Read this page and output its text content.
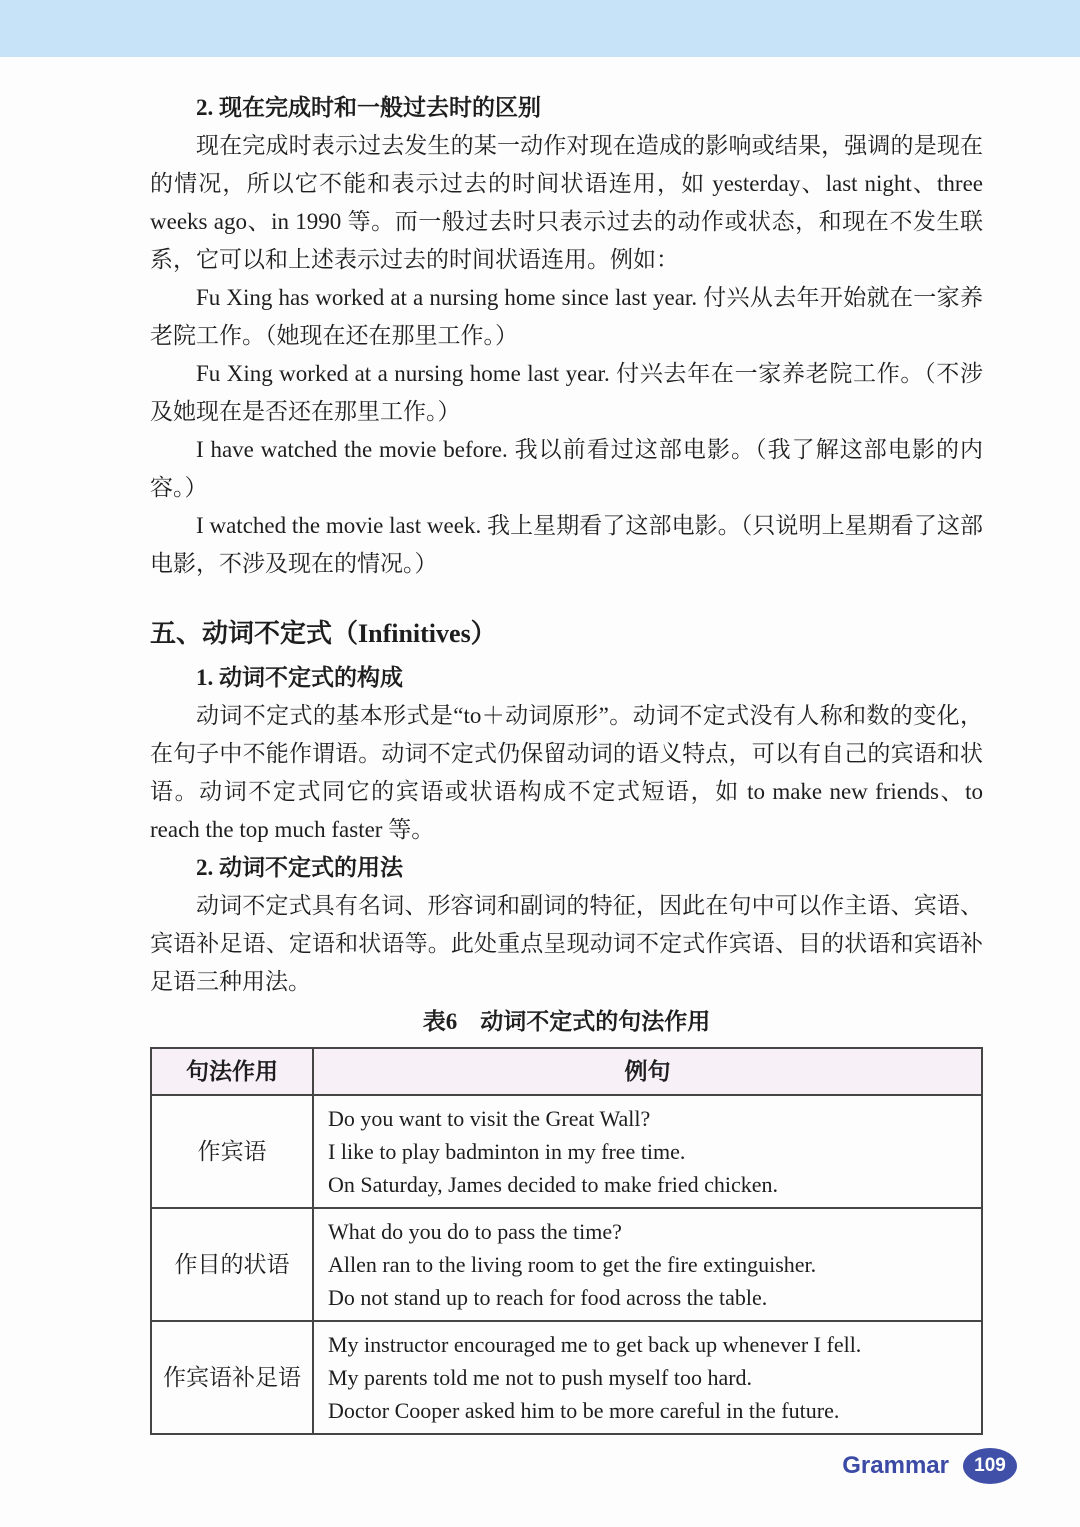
2. 现在完成时和一般过去时的区别

现在完成时表示过去发生的某一动作对现在造成的影响或结果，强调的是现在的情况，所以它不能和表示过去的时间状语连用，如 yesterday、last night、three weeks ago、in 1990 等。而一般过去时只表示过去的动作或状态，和现在不发生联系，它可以和上述表示过去的时间状语连用。例如：

Fu Xing has worked at a nursing home since last year. 付兴从去年开始就在一家养老院工作。（她现在还在那里工作。）

Fu Xing worked at a nursing home last year. 付兴去年在一家养老院工作。（不涉及她现在是否还在那里工作。）

I have watched the movie before. 我以前看过这部电影。（我了解这部电影的内容。）

I watched the movie last week. 我上星期看了这部电影。（只说明上星期看了这部电影，不涉及现在的情况。）

五、动词不定式（Infinitives）

1. 动词不定式的构成

动词不定式的基本形式是“to＋动词原形”。动词不定式没有人称和数的变化，在句子中不能作谓语。动词不定式仍保留动词的语义特点，可以有自己的宾语和状语。动词不定式同它的宾语或状语构成不定式短语，如 to make new friends、to reach the top much faster 等。

2. 动词不定式的用法

动词不定式具有名词、形容词和副词的特征，因此在句中可以作主语、宾语、宾语补足语、定语和状语等。此处重点呈现动词不定式作宾语、目的状语和宾语补足语三种用法。

表6　动词不定式的句法作用

句法作用	例句
作宾语	Do you want to visit the Great Wall?

I like to play badminton in my free time.

On Saturday, James decided to make fried chicken.

作目的状语	What do you do to pass the time?

Allen ran to the living room to get the fire extinguisher.

Do not stand up to reach for food across the table.

作宾语补足语	My instructor encouraged me to get back up whenever I fell.

My parents told me not to push myself too hard.

Doctor Cooper asked him to be more careful in the future.

Grammar	109
